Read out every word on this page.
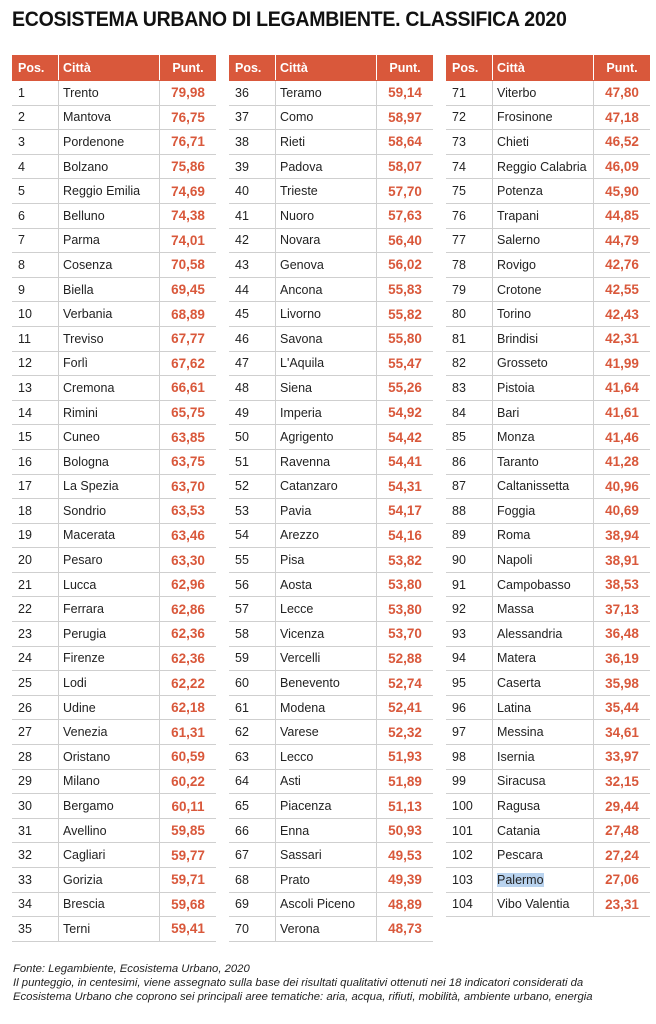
ECOSISTEMA URBANO DI LEGAMBIENTE. CLASSIFICA 2020
Pos.	Città	Punt.
1	Trento	79,98
2	Mantova	76,75
3	Pordenone	76,71
4	Bolzano	75,86
5	Reggio Emilia	74,69
6	Belluno	74,38
7	Parma	74,01
8	Cosenza	70,58
9	Biella	69,45
10	Verbania	68,89
11	Treviso	67,77
12	Forlì	67,62
13	Cremona	66,61
14	Rimini	65,75
15	Cuneo	63,85
16	Bologna	63,75
17	La Spezia	63,70
18	Sondrio	63,53
19	Macerata	63,46
20	Pesaro	63,30
21	Lucca	62,96
22	Ferrara	62,86
23	Perugia	62,36
24	Firenze	62,36
25	Lodi	62,22
26	Udine	62,18
27	Venezia	61,31
28	Oristano	60,59
29	Milano	60,22
30	Bergamo	60,11
31	Avellino	59,85
32	Cagliari	59,77
33	Gorizia	59,71
34	Brescia	59,68
35	Terni	59,41
Pos.	Città	Punt.
36	Teramo	59,14
37	Como	58,97
38	Rieti	58,64
39	Padova	58,07
40	Trieste	57,70
41	Nuoro	57,63
42	Novara	56,40
43	Genova	56,02
44	Ancona	55,83
45	Livorno	55,82
46	Savona	55,80
47	L'Aquila	55,47
48	Siena	55,26
49	Imperia	54,92
50	Agrigento	54,42
51	Ravenna	54,41
52	Catanzaro	54,31
53	Pavia	54,17
54	Arezzo	54,16
55	Pisa	53,82
56	Aosta	53,80
57	Lecce	53,80
58	Vicenza	53,70
59	Vercelli	52,88
60	Benevento	52,74
61	Modena	52,41
62	Varese	52,32
63	Lecco	51,93
64	Asti	51,89
65	Piacenza	51,13
66	Enna	50,93
67	Sassari	49,53
68	Prato	49,39
69	Ascoli Piceno	48,89
70	Verona	48,73
Pos.	Città	Punt.
71	Viterbo	47,80
72	Frosinone	47,18
73	Chieti	46,52
74	Reggio Calabria	46,09
75	Potenza	45,90
76	Trapani	44,85
77	Salerno	44,79
78	Rovigo	42,76
79	Crotone	42,55
80	Torino	42,43
81	Brindisi	42,31
82	Grosseto	41,99
83	Pistoia	41,64
84	Bari	41,61
85	Monza	41,46
86	Taranto	41,28
87	Caltanissetta	40,96
88	Foggia	40,69
89	Roma	38,94
90	Napoli	38,91
91	Campobasso	38,53
92	Massa	37,13
93	Alessandria	36,48
94	Matera	36,19
95	Caserta	35,98
96	Latina	35,44
97	Messina	34,61
98	Isernia	33,97
99	Siracusa	32,15
100	Ragusa	29,44
101	Catania	27,48
102	Pescara	27,24
103	Palermo	27,06
104	Vibo Valentia	23,31

Fonte: Legambiente, Ecosistema Urbano, 2020

Il punteggio, in centesimi, viene assegnato sulla base dei risultati qualitativi ottenuti nei 18 indicatori considerati da Ecosistema Urbano che coprono sei principali aree tematiche: aria, acqua, rifiuti, mobilità, ambiente urbano, energia
